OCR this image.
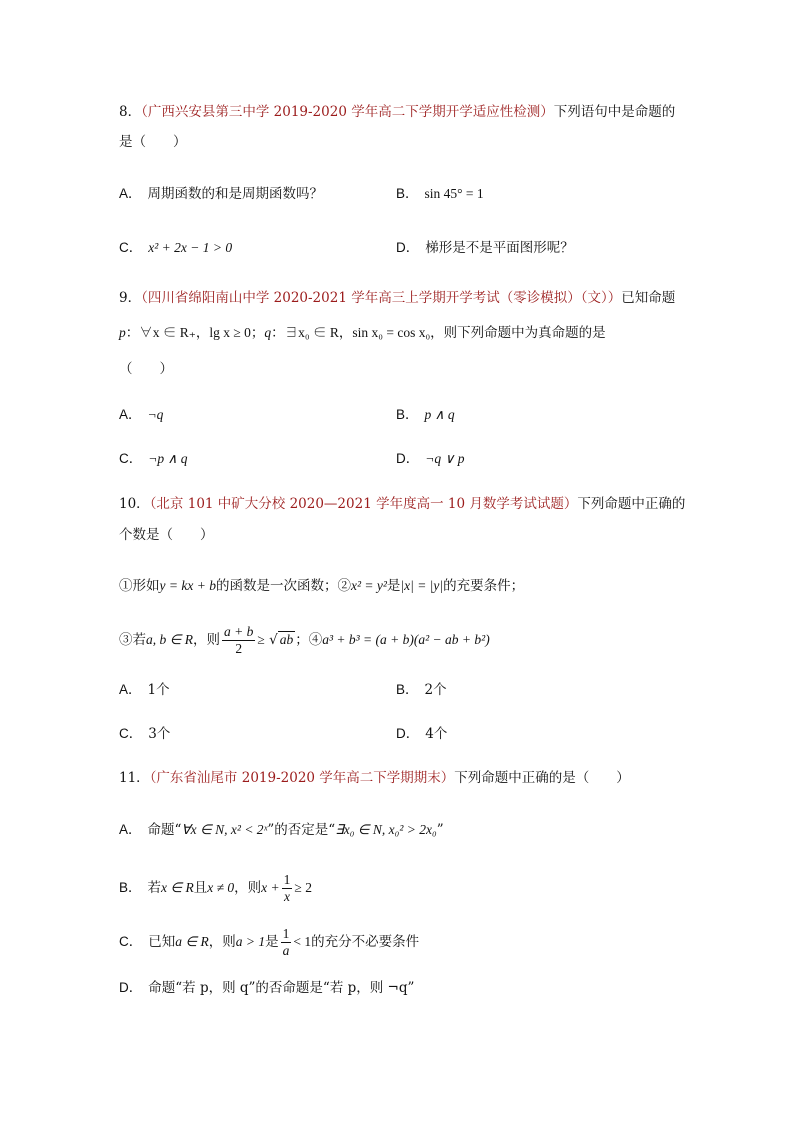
8．（广西兴安县第三中学 2019-2020 学年高二下学期开学适应性检测）下列语句中是命题的
是（　　）
A． 周期函数的和是周期函数吗？	B． sin 45° = 1
C． x² + 2x − 1 > 0	D． 梯形是不是平面图形呢？
9．（四川省绵阳南山中学 2020-2021 学年高三上学期开学考试（零诊模拟）（文））已知命题
p：∀x ∈ R₊，lg x ≥ 0；q：∃x₀ ∈ R，sin x₀ = cos x₀，则下列命题中为真命题的是
（　　）
A． ¬q	B． p ∧ q
C． ¬p ∧ q	D． ¬q ∨ p
10．（北京 101 中矿大分校 2020—2021 学年度高一 10 月数学考试试题）下列命题中正确的
个数是（　　）
①形如y = kx + b的函数是一次函数；②x² = y²是|x| = |y|的充要条件；
③若a, b ∈ R，则 $\frac{a + b}{2}$ ≥ √ ab ；④a³ + b³ = (a + b)(a² − ab + b²)
A． 1个	B． 2个
C． 3个	D． 4个
11．（广东省汕尾市 2019-2020 学年高二下学期期末）下列命题中正确的是（　　）
A． 命题“∀x ∈ N, x² < 2ˣ”的否定是“∃x₀ ∈ N, x₀² > 2x₀”
B． 若x ∈ R且x ≠ 0，则$x + \frac{1}{x} \ge 2$
C． 已知a ∈ R，则a > 1是 $\frac{1}{a} < 1$的充分不必要条件
D． 命题“若 p，则 q”的否命题是“若 p，则 ¬q”
